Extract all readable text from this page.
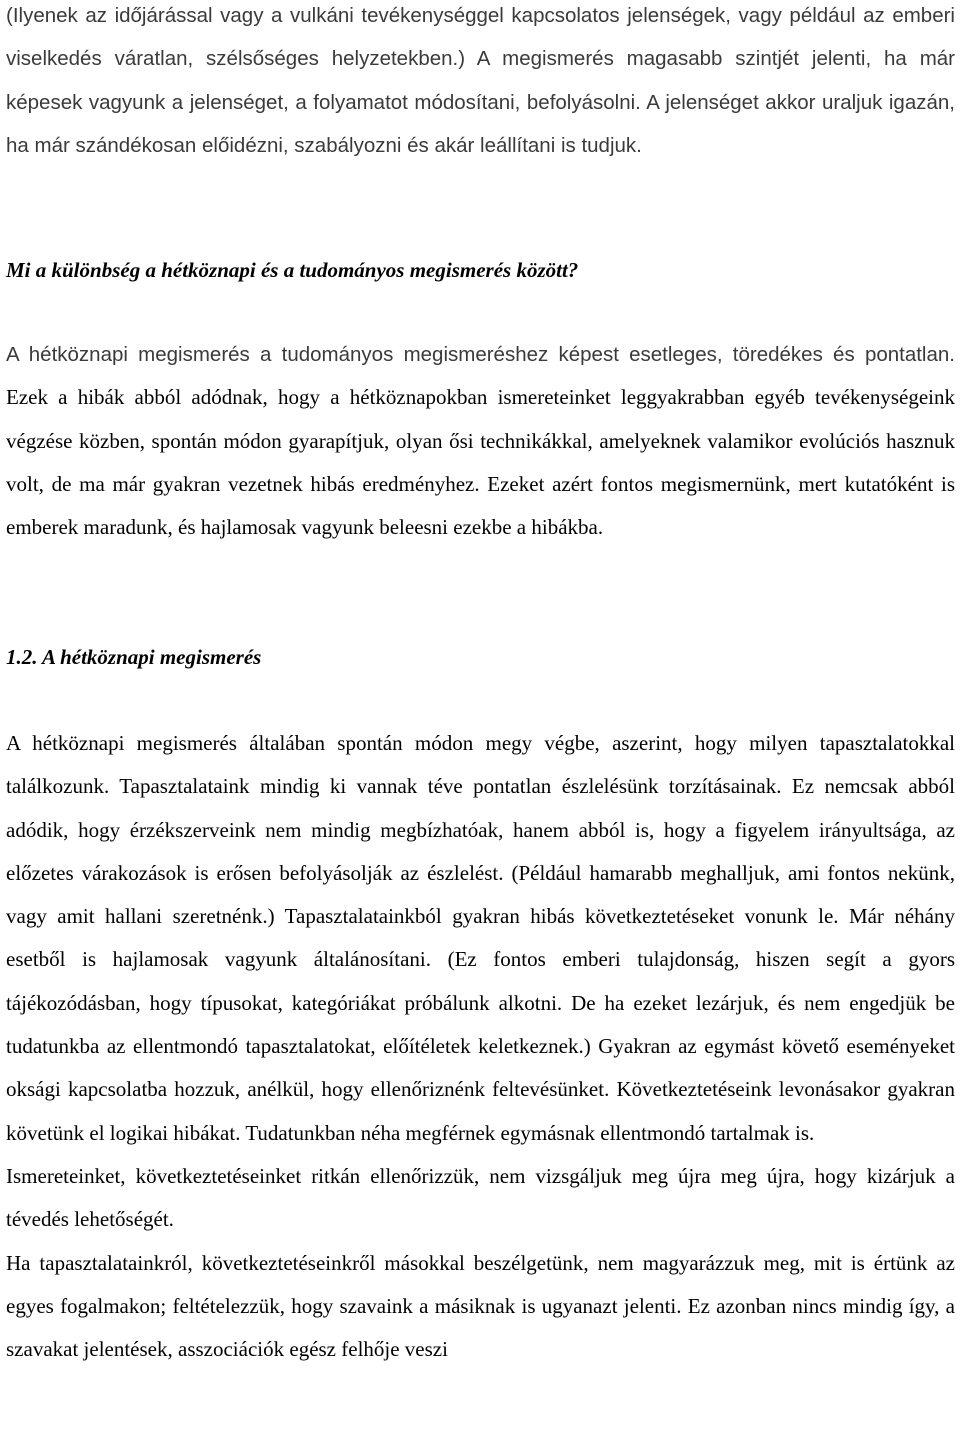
(Ilyenek az időjárással vagy a vulkáni tevékenységgel kapcsolatos jelenségek, vagy például az emberi viselkedés váratlan, szélsőséges helyzetekben.) A megismerés magasabb szintjét jelenti, ha már képesek vagyunk a jelenséget, a folyamatot módosítani, befolyásolni. A jelenséget akkor uraljuk igazán, ha már szándékosan előidézni, szabályozni és akár leállítani is tudjuk.

Mi a különbség a hétköznapi és a tudományos megismerés között?

A hétköznapi megismerés a tudományos megismeréshez képest esetleges, töredékes és pontatlan. Ezek a hibák abból adódnak, hogy a hétköznapokban ismereteinket leggyakrabban egyéb tevékenységeink végzése közben, spontán módon gyarapítjuk, olyan ősi technikákkal, amelyeknek valamikor evolúciós hasznuk volt, de ma már gyakran vezetnek hibás eredményhez. Ezeket azért fontos megismernünk, mert kutatóként is emberek maradunk, és hajlamosak vagyunk beleesni ezekbe a hibákba.

1.2. A hétköznapi megismerés

A hétköznapi megismerés általában spontán módon megy végbe, aszerint, hogy milyen tapasztalatokkal találkozunk. Tapasztalataink mindig ki vannak téve pontatlan észlelésünk torzításainak. Ez nemcsak abból adódik, hogy érzékszerveink nem mindig megbízhatóak, hanem abból is, hogy a figyelem irányultsága, az előzetes várakozások is erősen befolyásolják az észlelést. (Például hamarabb meghalljuk, ami fontos nekünk, vagy amit hallani szeretnénk.) Tapasztalatainkból gyakran hibás következtetéseket vonunk le. Már néhány esetből is hajlamosak vagyunk általánosítani. (Ez fontos emberi tulajdonság, hiszen segít a gyors tájékozódásban, hogy típusokat, kategóriákat próbálunk alkotni. De ha ezeket lezárjuk, és nem engedjük be tudatunkba az ellentmondó tapasztalatokat, előítéletek keletkeznek.) Gyakran az egymást követő eseményeket oksági kapcsolatba hozzuk, anélkül, hogy ellenőriznénk feltevésünket. Következtetéseink levonásakor gyakran követünk el logikai hibákat. Tudatunkban néha megférnek egymásnak ellentmondó tartalmak is.

Ismereteinket, következtetéseinket ritkán ellenőrizzük, nem vizsgáljuk meg újra meg újra, hogy kizárjuk a tévedés lehetőségét.

Ha tapasztalatainkról, következtetéseinkről másokkal beszélgetünk, nem magyarázzuk meg, mit is értünk az egyes fogalmakon; feltételezzük, hogy szavaink a másiknak is ugyanazt jelenti. Ez azonban nincs mindig így, a szavakat jelentések, asszociációk egész felhője veszi
